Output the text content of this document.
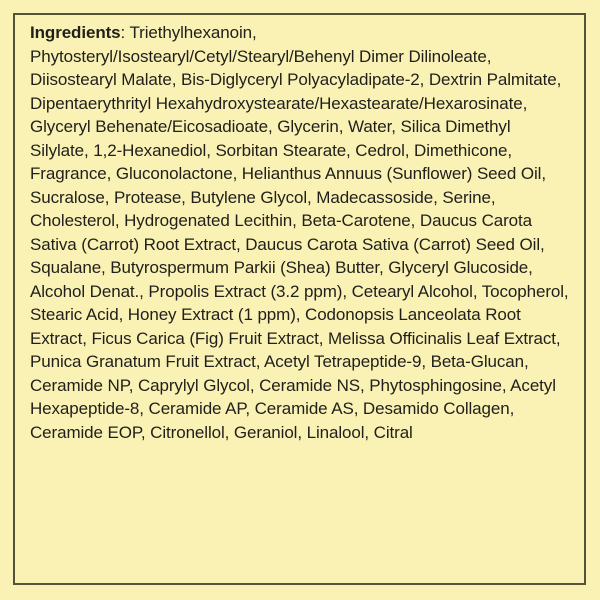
Ingredients: Triethylhexanoin, Phytosteryl/Isostearyl/Cetyl/Stearyl/Behenyl Dimer Dilinoleate, Diisostearyl Malate, Bis-Diglyceryl Polyacyladipate-2, Dextrin Palmitate, Dipentaerythrityl Hexahydroxystearate/Hexastearate/Hexarosinate, Glyceryl Behenate/Eicosadioate, Glycerin, Water, Silica Dimethyl Silylate, 1,2-Hexanediol, Sorbitan Stearate, Cedrol, Dimethicone, Fragrance, Gluconolactone, Helianthus Annuus (Sunflower) Seed Oil, Sucralose, Protease, Butylene Glycol, Madecassoside, Serine, Cholesterol, Hydrogenated Lecithin, Beta-Carotene, Daucus Carota Sativa (Carrot) Root Extract, Daucus Carota Sativa (Carrot) Seed Oil, Squalane, Butyrospermum Parkii (Shea) Butter, Glyceryl Glucoside, Alcohol Denat., Propolis Extract (3.2 ppm), Cetearyl Alcohol, Tocopherol, Stearic Acid, Honey Extract (1 ppm), Codonopsis Lanceolata Root Extract, Ficus Carica (Fig) Fruit Extract, Melissa Officinalis Leaf Extract, Punica Granatum Fruit Extract, Acetyl Tetrapeptide-9, Beta-Glucan, Ceramide NP, Caprylyl Glycol, Ceramide NS, Phytosphingosine, Acetyl Hexapeptide-8, Ceramide AP, Ceramide AS, Desamido Collagen, Ceramide EOP, Citronellol, Geraniol, Linalool, Citral
